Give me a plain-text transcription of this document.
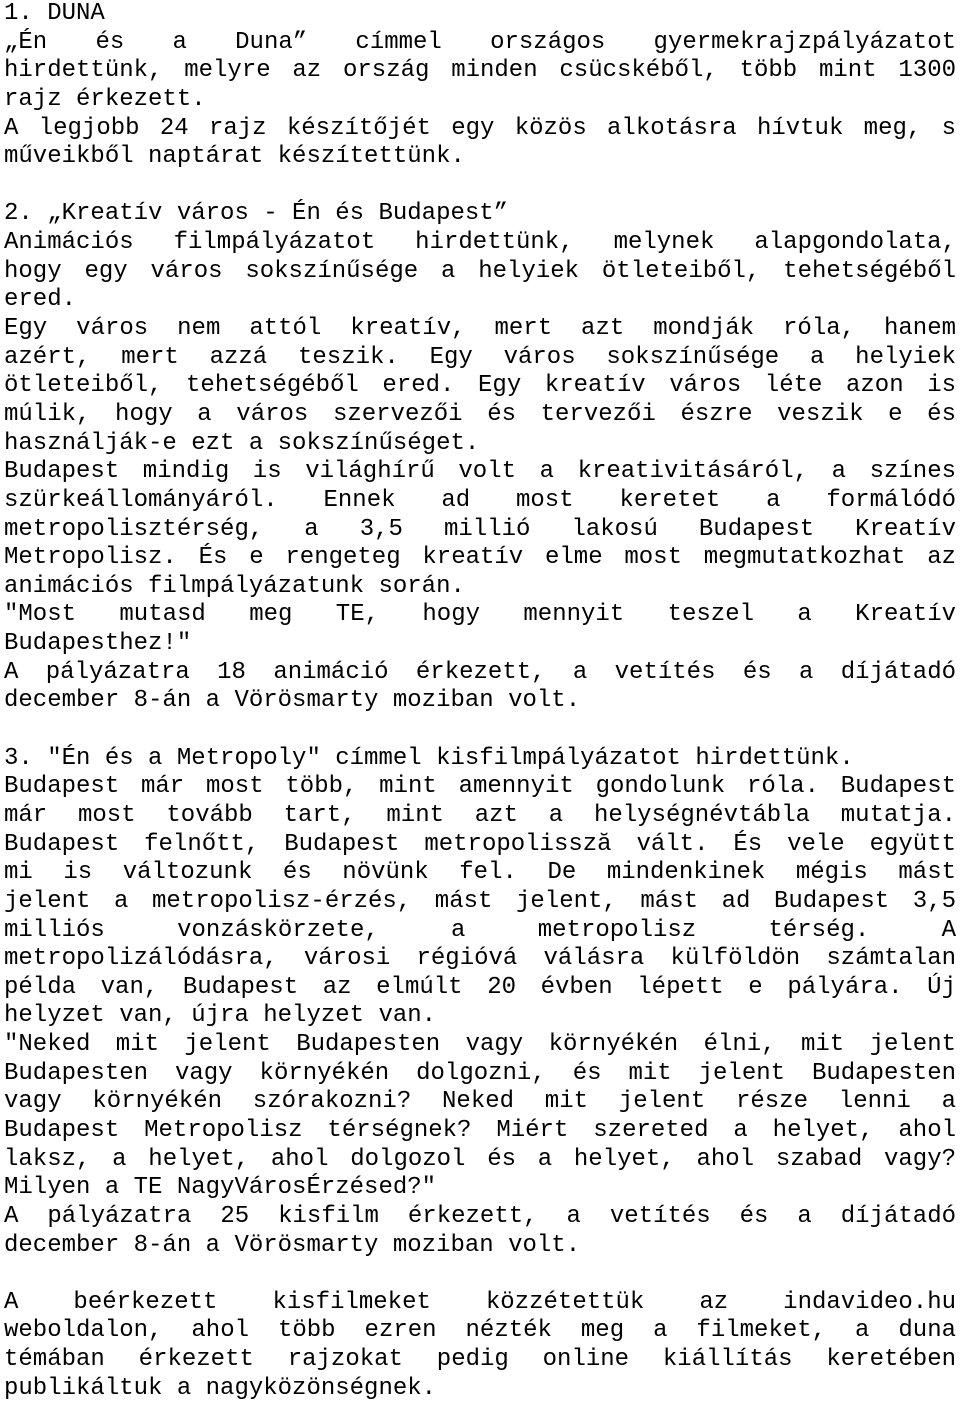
1. DUNA
„Én és a Duna” címmel országos gyermekrajzpályázatot
hirdettünk, melyre az ország minden csücskéből, több mint 1300
rajz érkezett.
A legjobb 24 rajz készítőjét egy közös alkotásra hívtuk meg, s
műveikből naptárat készítettünk.
2. „Kreatív város - Én és Budapest”
Animációs filmpályázatot hirdettünk, melynek alapgondolata,
hogy egy város sokszínűsége a helyiek ötleteiből, tehetségéből
ered.
Egy város nem attól kreatív, mert azt mondják róla, hanem
azért, mert azzá teszik. Egy város sokszínűsége a helyiek
ötleteiből, tehetségéből ered. Egy kreatív város léte azon is
múlik, hogy a város szervezői és tervezői észre veszik e és
használják-e ezt a sokszínűséget.
Budapest mindig is világhírű volt a kreativitásáról, a színes
szürkeállományáról. Ennek ad most keretet a formálódó
metropolisztérség, a 3,5 millió lakosú Budapest Kreatív
Metropolisz. És e rengeteg kreatív elme most megmutatkozhat az
animációs filmpályázatunk során.
"Most mutasd meg TE, hogy mennyit teszel a Kreatív
Budapesthez!"
A pályázatra 18 animáció érkezett, a vetítés és a díjátadó
december 8-án a Vörösmarty moziban volt.
3. "Én és a Metropoly" címmel kisfilmpályázatot hirdettünk.
Budapest már most több, mint amennyit gondolunk róla. Budapest
már most tovább tart, mint azt a helységnévtábla mutatja.
Budapest felnőtt, Budapest metropolissză vált. És vele együtt
mi is változunk és növünk fel. De mindenkinek mégis mást
jelent a metropolisz-érzés, mást jelent, mást ad Budapest 3,5
milliós vonzáskörzete, a metropolisz térség. A
metropolizálódásra, városi régióvá válásra külföldön számtalan
példa van, Budapest az elmúlt 20 évben lépett e pályára. Új
helyzet van, újra helyzet van.
"Neked mit jelent Budapesten vagy környékén élni, mit jelent
Budapesten vagy környékén dolgozni, és mit jelent Budapesten
vagy környékén szórakozni? Neked mit jelent része lenni a
Budapest Metropolisz térségnek? Miért szereted a helyet, ahol
laksz, a helyet, ahol dolgozol és a helyet, ahol szabad vagy?
Milyen a TE NagyVárosÉrzésed?"
A pályázatra 25 kisfilm érkezett, a vetítés és a díjátadó
december 8-án a Vörösmarty moziban volt.
A beérkezett kisfilmeket közzétettük az indavideo.hu
weboldalon, ahol több ezren nézték meg a filmeket, a duna
témában érkezett rajzokat pedig online kiállítás keretében
publikáltuk a nagyközönségnek.
